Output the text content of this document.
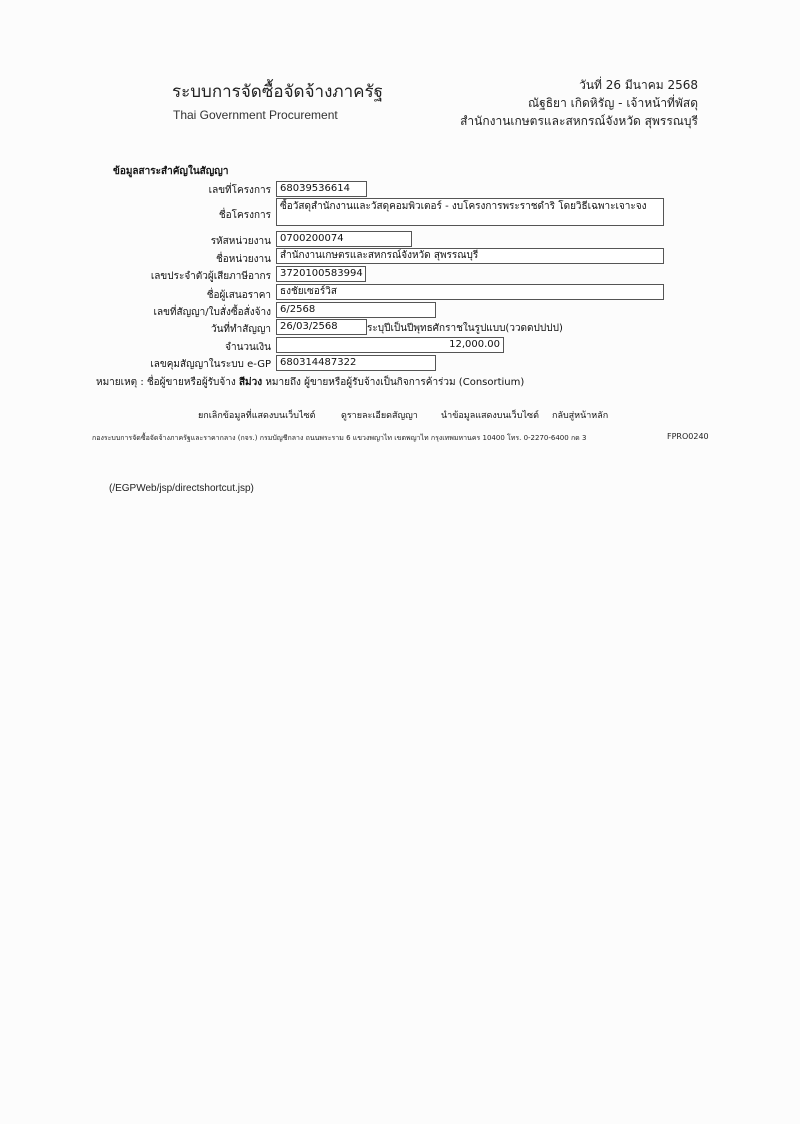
ระบบการจัดซื้อจัดจ้างภาครัฐ
Thai Government Procurement
วันที่ 26 มีนาคม 2568
ณัฐธิยา เกิดหิรัญ - เจ้าหน้าที่พัสดุ
สำนักงานเกษตรและสหกรณ์จังหวัด สุพรรณบุรี
ข้อมูลสาระสำคัญในสัญญา
เลขที่โครงการ 68039536614
ชื่อโครงการ
ซื้อวัสดุสำนักงานและวัสดุคอมพิวเตอร์ - งบโครงการพระราชดำริ โดยวิธีเฉพาะเจาะจง
รหัสหน่วยงาน 0700200074
ชื่อหน่วยงาน สำนักงานเกษตรและสหกรณ์จังหวัด สุพรรณบุรี
เลขประจำตัวผู้เสียภาษีอากร 3720100583994
ชื่อผู้เสนอราคา ธงชัยเซอร์วิส
เลขที่สัญญา/ใบสั่งซื้อสั่งจ้าง 6/2568
วันที่ทำสัญญา 26/03/2568	ระบุปีเป็นปีพุทธศักราชในรูปแบบ(ววดดปปปป)
จำนวนเงิน	12,000.00
เลขคุมสัญญาในระบบ e-GP 680314487322
หมายเหตุ : ชื่อผู้ขายหรือผู้รับจ้าง สีม่วง หมายถึง ผู้ขายหรือผู้รับจ้างเป็นกิจการค้าร่วม (Consortium)
ยกเลิกข้อมูลที่แสดงบนเว็บไซต์	ดูรายละเอียดสัญญา	นำข้อมูลแสดงบนเว็บไซต์ กลับสู่หน้าหลัก
กองระบบการจัดซื้อจัดจ้างภาครัฐและราคากลาง (กจร.) กรมบัญชีกลาง ถนนพระราม 6 แขวงพญาไท เขตพญาไท กรุงเทพมหานคร 10400 โทร. 0-2270-6400 กด 3	FPRO0240
(/EGPWeb/jsp/directshortcut.jsp)
